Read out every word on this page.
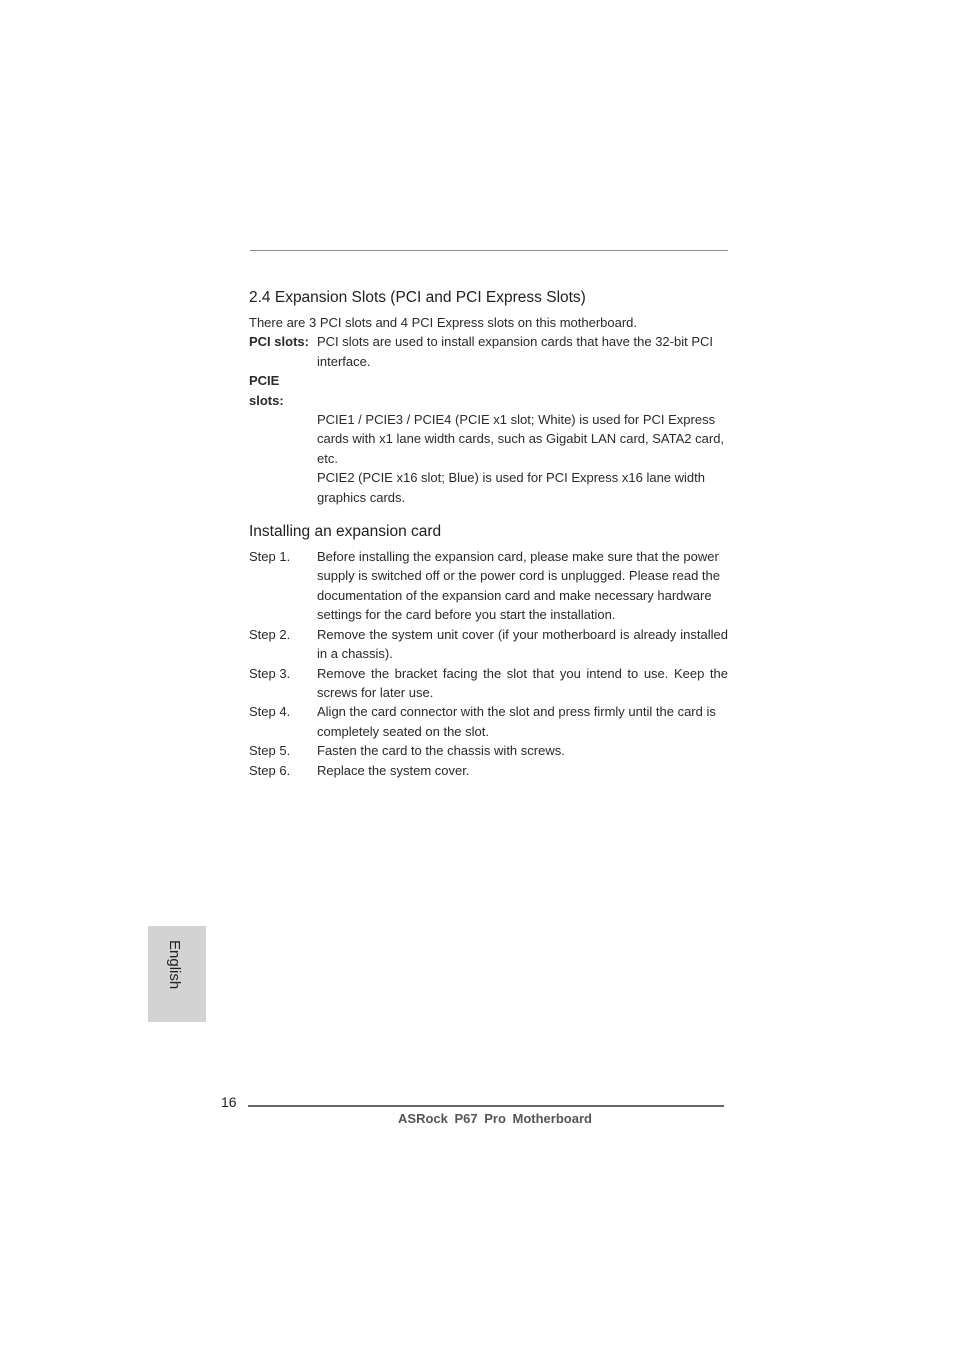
2.4 Expansion Slots (PCI and PCI Express Slots)

There are 3 PCI slots and 4 PCI Express slots on this motherboard.

PCI slots: PCI slots are used to install expansion cards that have the 32-bit PCI interface.
PCIE slots:

PCIE1 / PCIE3 / PCIE4 (PCIE x1 slot; White) is used for PCI Express cards with x1 lane width cards, such as Gigabit LAN card, SATA2 card, etc.

PCIE2 (PCIE x16 slot; Blue) is used for PCI Express x16 lane width graphics cards.

Installing an expansion card
Step 1.	Before installing the expansion card, please make sure that the power supply is switched off or the power cord is unplugged. Please read the documentation of the expansion card and make necessary hardware settings for the card before you start the installation.
Step 2.	Remove the system unit cover (if your motherboard is already installed in a chassis).
Step 3.	Remove the bracket facing the slot that you intend to use. Keep the screws for later use.
Step 4.	Align the card connector with the slot and press firmly until the card is completely seated on the slot.
Step 5.	Fasten the card to the chassis with screws.
Step 6.	Replace the system cover.
English
16
ASRock P67 Pro Motherboard
